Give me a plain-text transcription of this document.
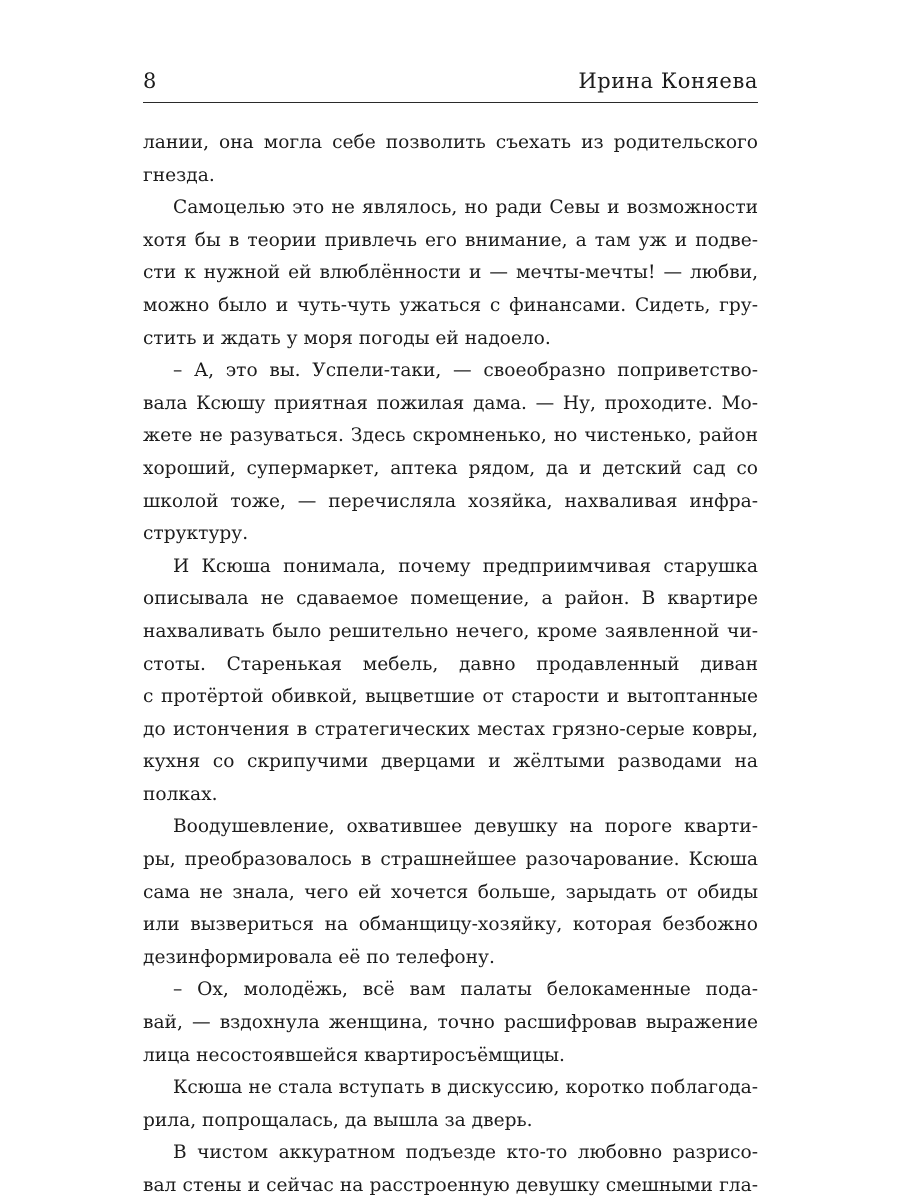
8	Ирина Коняева
лании, она могла себе позволить съехать из родительского
гнезда.
Самоцелью это не являлось, но ради Севы и возможности
хотя бы в теории привлечь его внимание, а там уж и подве-
сти к нужной ей влюблённости и — мечты-мечты! — любви,
можно было и чуть-чуть ужаться с финансами. Сидеть, гру-
стить и ждать у моря погоды ей надоело.
– А, это вы. Успели-таки, — своеобразно поприветство-
вала Ксюшу приятная пожилая дама. — Ну, проходите. Мо-
жете не разуваться. Здесь скромненько, но чистенько, район
хороший, супермаркет, аптека рядом, да и детский сад со
школой тоже, — перечисляла хозяйка, нахваливая инфра-
структуру.
И Ксюша понимала, почему предприимчивая старушка
описывала не сдаваемое помещение, а район. В квартире
нахваливать было решительно нечего, кроме заявленной чи-
стоты. Старенькая мебель, давно продавленный диван
с протёртой обивкой, выцветшие от старости и вытоптанные
до истончения в стратегических местах грязно-серые ковры,
кухня со скрипучими дверцами и жёлтыми разводами на
полках.
Воодушевление, охватившее девушку на пороге кварти-
ры, преобразовалось в страшнейшее разочарование. Ксюша
сама не знала, чего ей хочется больше, зарыдать от обиды
или вызвериться на обманщицу-хозяйку, которая безбожно
дезинформировала её по телефону.
– Ох, молодёжь, всё вам палаты белокаменные пода-
вай, — вздохнула женщина, точно расшифровав выражение
лица несостоявшейся квартиросъёмщицы.
Ксюша не стала вступать в дискуссию, коротко поблагода-
рила, попрощалась, да вышла за дверь.
В чистом аккуратном подъезде кто-то любовно разрисо-
вал стены и сейчас на расстроенную девушку смешными гла-
